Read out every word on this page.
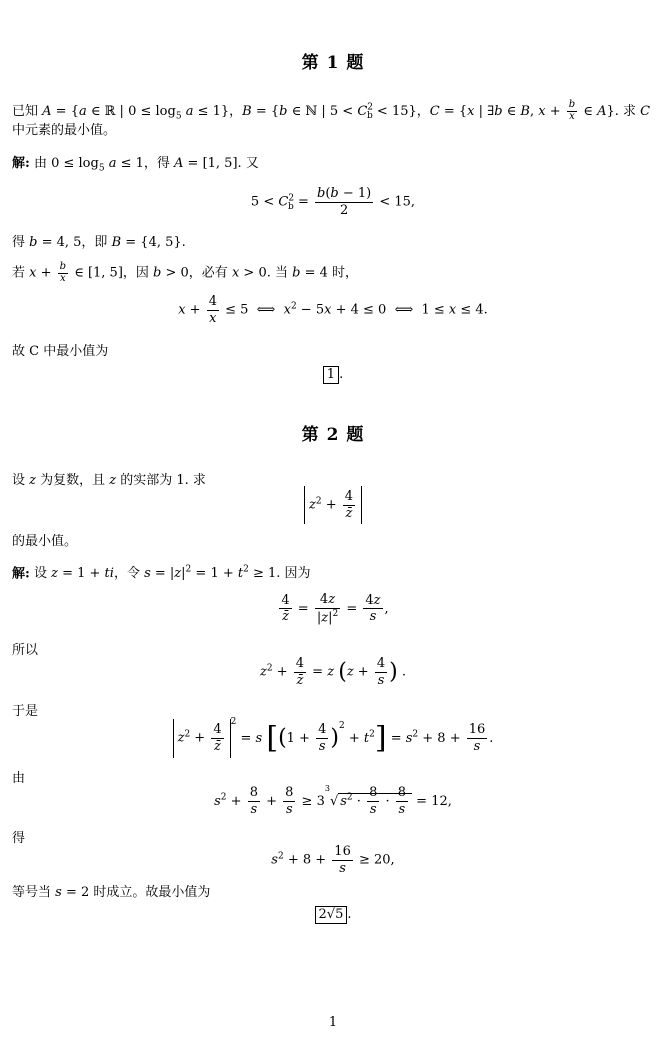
第 1 题
已知 A = {a ∈ ℝ | $0 \le \log_5 a \le 1$}，B = {b ∈ ℕ | $5 < C^2_b < 15$}，C = {x | ∃b ∈ B, $x + \frac{b}{x}$ ∈ A}. 求 C
中元素的最小值。
解: 由 $0 \le \log_5 a \le 1$，得 A = [1, 5]. 又
$5 < C^2_b = \frac{b(b - 1)}{2} < 15$,
得 b = 4, 5，即 B = {4, 5}.
若 $x + \frac{b}{x}$ ∈ [1, 5]，因 b > 0，必有 x > 0. 当 b = 4 时，
$x + \frac{4}{x} \le 5$  ⟺  $x^2 - 5x + 4 \le 0$  ⟺  1 ≤ x ≤ 4.
故 C 中最小值为
1 .
第 2 题
设 z 为复数，且 z 的实部为 1. 求
$z^2 + \frac{4}{z̄}$
的最小值。
解: 设 z = 1 + ti，令 $s = |z|^2 = 1 + t^2 \ge 1$. 因为
$\frac{4}{z̄} = \frac{4z}{|z|^2} = \frac{4z}{s}$ ,
所以
$z^2 + \frac{4}{z̄} = z$ ($z + \frac{4}{s}$ ) .
于是
$z^2 + \frac{4}{z̄}$
$^2$ = s $[(1 + \frac{4}{s} )^2 + t^2] = s^2 + 8 + \frac{16}{s}$ .
由
$s^2 + \frac{8}{s} + \frac{8}{s} \ge 3^3√$ $s^2 \cdot \frac{8}{s} \cdot \frac{8}{s} = 12$,
得
$s^2 + 8 + \frac{16}{s} \ge 20$,
等号当 s = 2 时成立。故最小值为
2√5 .
1
